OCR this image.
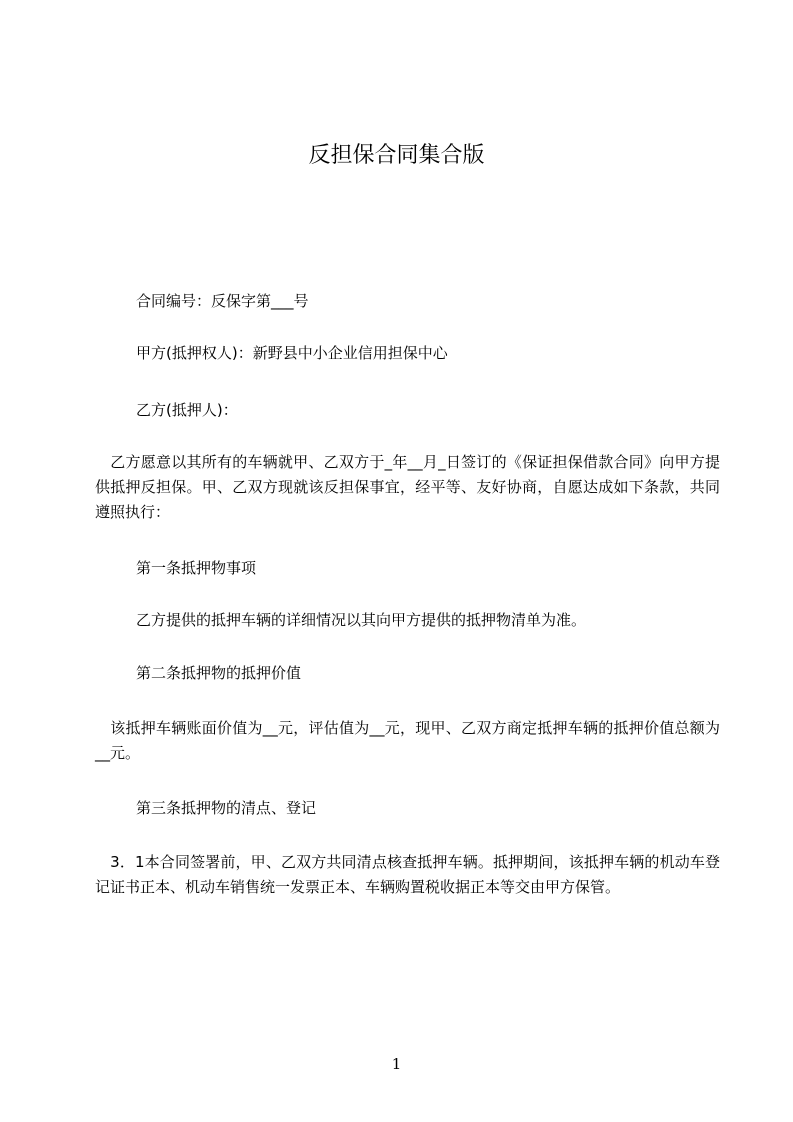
反担保合同集合版
合同编号：反保字第___号
甲方(抵押权人)：新野县中小企业信用担保中心
乙方(抵押人)：
　乙方愿意以其所有的车辆就甲、乙双方于_年__月_日签订的《保证担保借款合同》向甲方提供抵押反担保。甲、乙双方现就该反担保事宜，经平等、友好协商，自愿达成如下条款，共同遵照执行：
第一条抵押物事项
乙方提供的抵押车辆的详细情况以其向甲方提供的抵押物清单为准。
第二条抵押物的抵押价值
　该抵押车辆账面价值为__元，评估值为__元，现甲、乙双方商定抵押车辆的抵押价值总额为__元。
第三条抵押物的清点、登记
　3．1本合同签署前，甲、乙双方共同清点核查抵押车辆。抵押期间，该抵押车辆的机动车登记证书正本、机动车销售统一发票正本、车辆购置税收据正本等交由甲方保管。
1
